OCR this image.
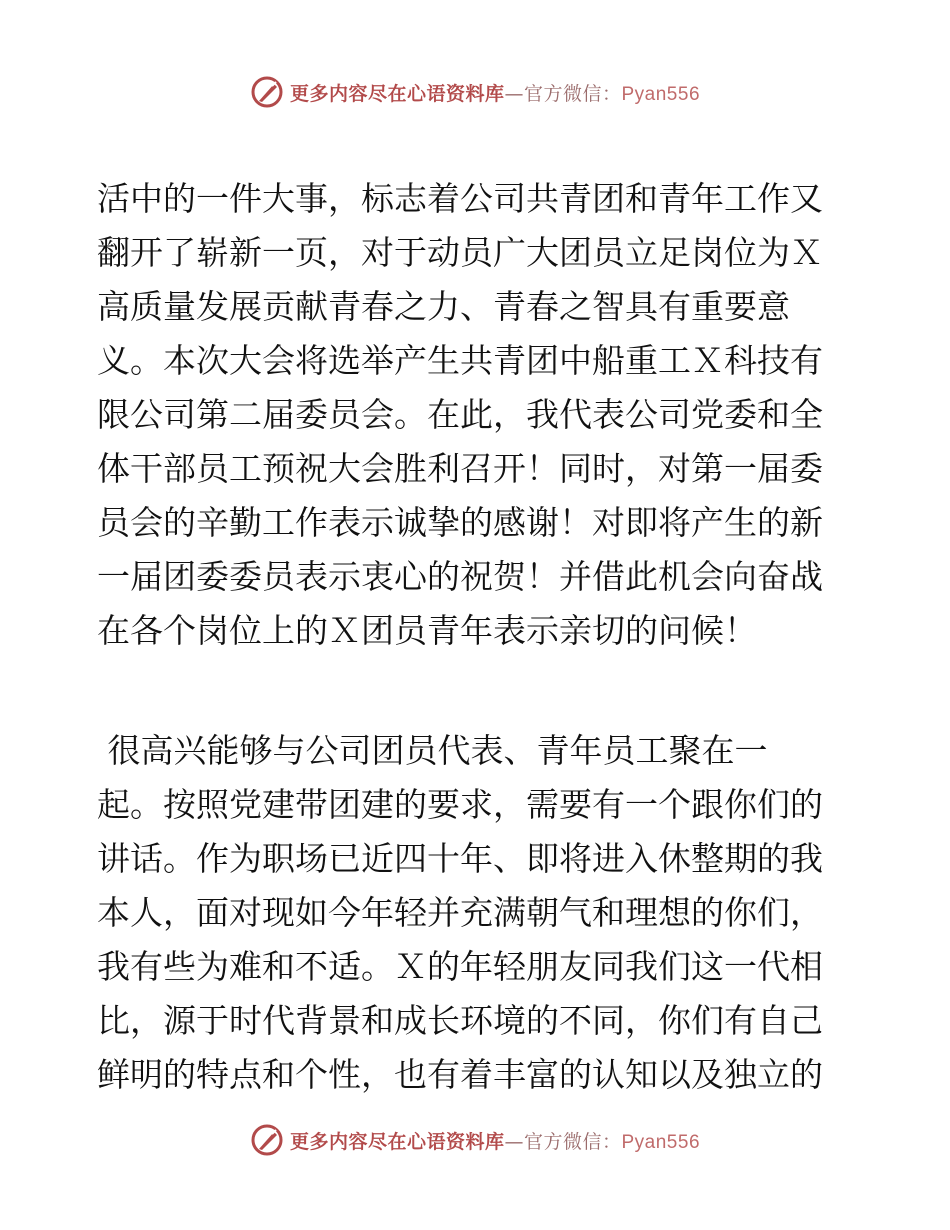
更多内容尽在心语资料库 — 官方微信： Pyan556

活中的一件大事，标志着公司共青团和青年工作又
翻开了崭新一页，对于动员广大团员立足岗位为Ｘ
高质量发展贡献青春之力、青春之智具有重要意
义。本次大会将选举产生共青团中船重工Ｘ科技有
限公司第二届委员会。在此，我代表公司党委和全
体干部员工预祝大会胜利召开！同时，对第一届委
员会的辛勤工作表示诚挚的感谢！对即将产生的新
一届团委委员表示衷心的祝贺！并借此机会向奋战
在各个岗位上的Ｘ团员青年表示亲切的问候！

很高兴能够与公司团员代表、青年员工聚在一
起。按照党建带团建的要求，需要有一个跟你们的
讲话。作为职场已近四十年、即将进入休整期的我
本人，面对现如今年轻并充满朝气和理想的你们，
我有些为难和不适。Ｘ的年轻朋友同我们这一代相
比，源于时代背景和成长环境的不同，你们有自己
鲜明的特点和个性，也有着丰富的认知以及独立的

更多内容尽在心语资料库 — 官方微信： Pyan556
